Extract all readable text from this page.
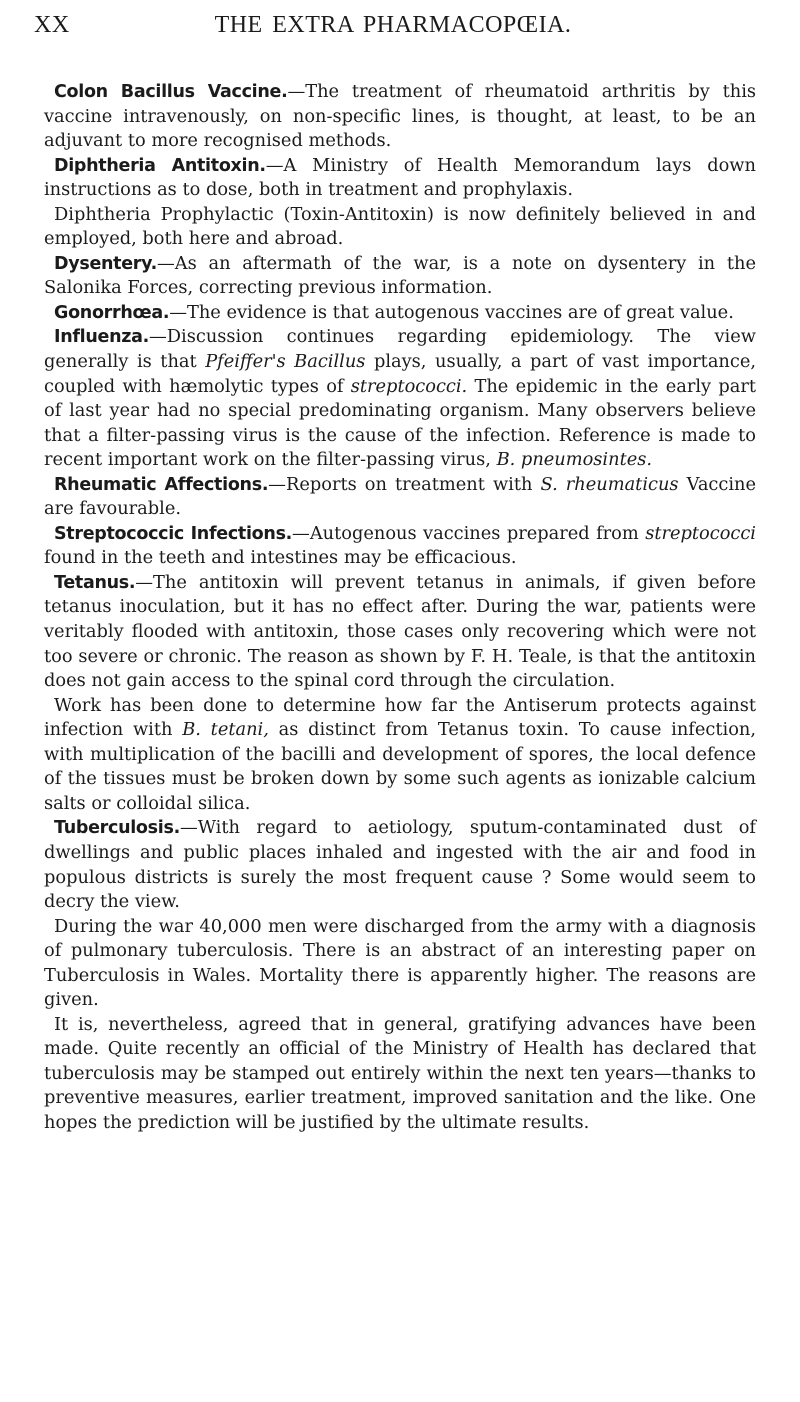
XX	THE EXTRA PHARMACOPŒIA.

Colon Bacillus Vaccine.—The treatment of rheumatoid arthritis by this vaccine intravenously, on non-specific lines, is thought, at least, to be an adjuvant to more recognised methods.

Diphtheria Antitoxin.—A Ministry of Health Memorandum lays down instructions as to dose, both in treatment and prophylaxis.

Diphtheria Prophylactic (Toxin-Antitoxin) is now definitely believed in and employed, both here and abroad.

Dysentery.—As an aftermath of the war, is a note on dysentery in the Salonika Forces, correcting previous information.

Gonorrhœa.—The evidence is that autogenous vaccines are of great value.

Influenza.—Discussion continues regarding epidemiology. The view generally is that Pfeiffer's Bacillus plays, usually, a part of vast importance, coupled with hæmolytic types of streptococci. The epidemic in the early part of last year had no special predominating organism. Many observers believe that a filter-passing virus is the cause of the infection. Reference is made to recent important work on the filter-passing virus, B. pneumosintes.

Rheumatic Affections.—Reports on treatment with S. rheumaticus Vaccine are favourable.

Streptococcic Infections.—Autogenous vaccines prepared from streptococci found in the teeth and intestines may be efficacious.

Tetanus.—The antitoxin will prevent tetanus in animals, if given before tetanus inoculation, but it has no effect after. During the war, patients were veritably flooded with antitoxin, those cases only recovering which were not too severe or chronic. The reason as shown by F. H. Teale, is that the antitoxin does not gain access to the spinal cord through the circulation.

Work has been done to determine how far the Antiserum protects against infection with B. tetani, as distinct from Tetanus toxin. To cause infection, with multiplication of the bacilli and development of spores, the local defence of the tissues must be broken down by some such agents as ionizable calcium salts or colloidal silica.

Tuberculosis.—With regard to aetiology, sputum-contaminated dust of dwellings and public places inhaled and ingested with the air and food in populous districts is surely the most frequent cause ? Some would seem to decry the view.

During the war 40,000 men were discharged from the army with a diagnosis of pulmonary tuberculosis. There is an abstract of an interesting paper on Tuberculosis in Wales. Mortality there is apparently higher. The reasons are given.

It is, nevertheless, agreed that in general, gratifying advances have been made. Quite recently an official of the Ministry of Health has declared that tuberculosis may be stamped out entirely within the next ten years—thanks to preventive measures, earlier treatment, improved sanitation and the like. One hopes the prediction will be justified by the ultimate results.
